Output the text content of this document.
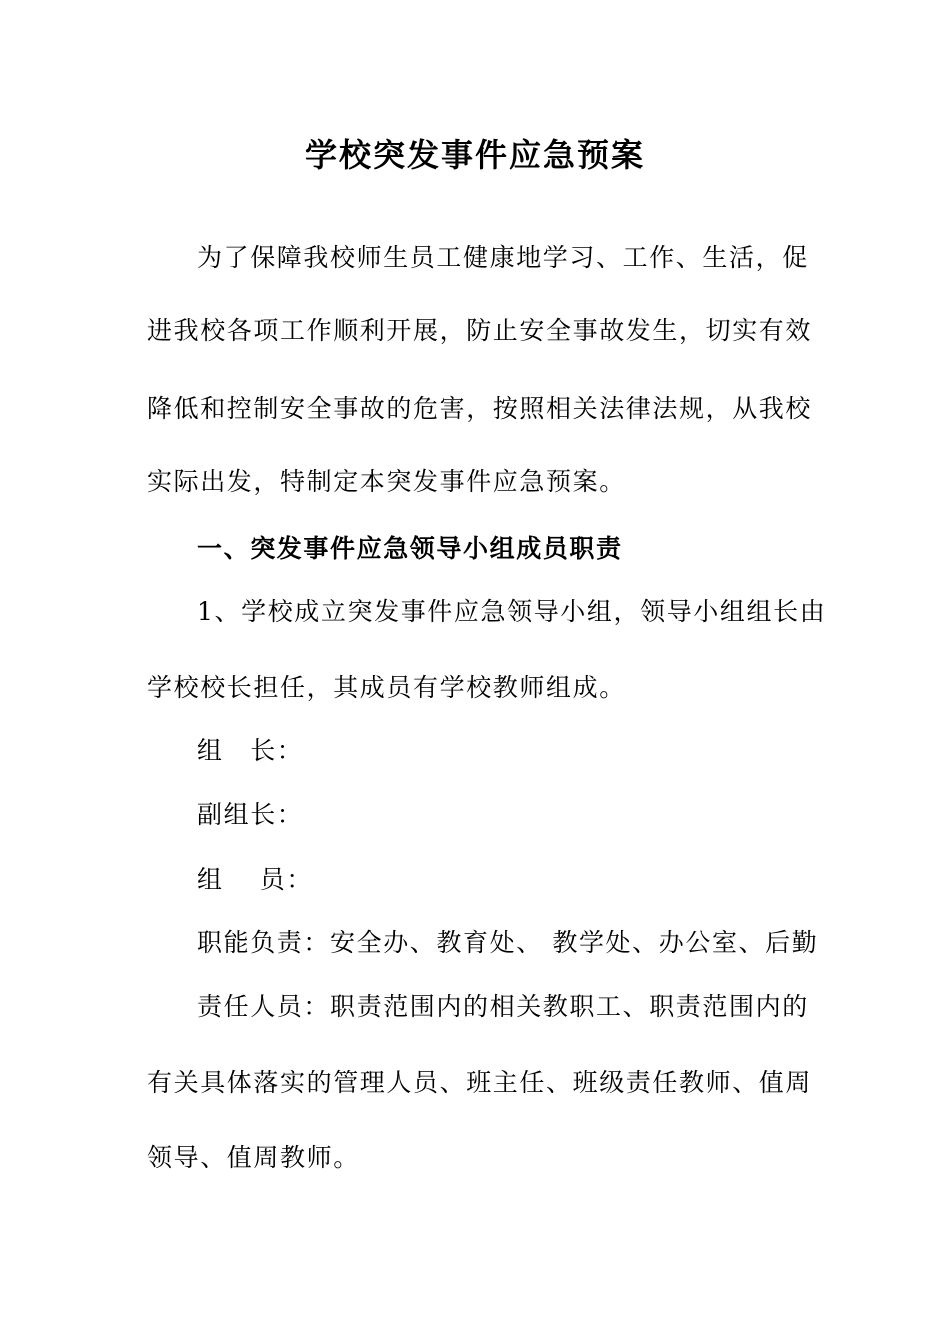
学校突发事件应急预案

为了保障我校师生员工健康地学习、工作、生活，促

进我校各项工作顺利开展，防止安全事故发生，切实有效

降低和控制安全事故的危害，按照相关法律法规，从我校

实际出发，特制定本突发事件应急预案。

一、突发事件应急领导小组成员职责

1、学校成立突发事件应急领导小组，领导小组组长由

学校校长担任，其成员有学校教师组成。

组　长：

副组长：

组　 员：

职能负责：安全办、教育处、 教学处、办公室、后勤

责任人员：职责范围内的相关教职工、职责范围内的

有关具体落实的管理人员、班主任、班级责任教师、值周

领导、值周教师。
